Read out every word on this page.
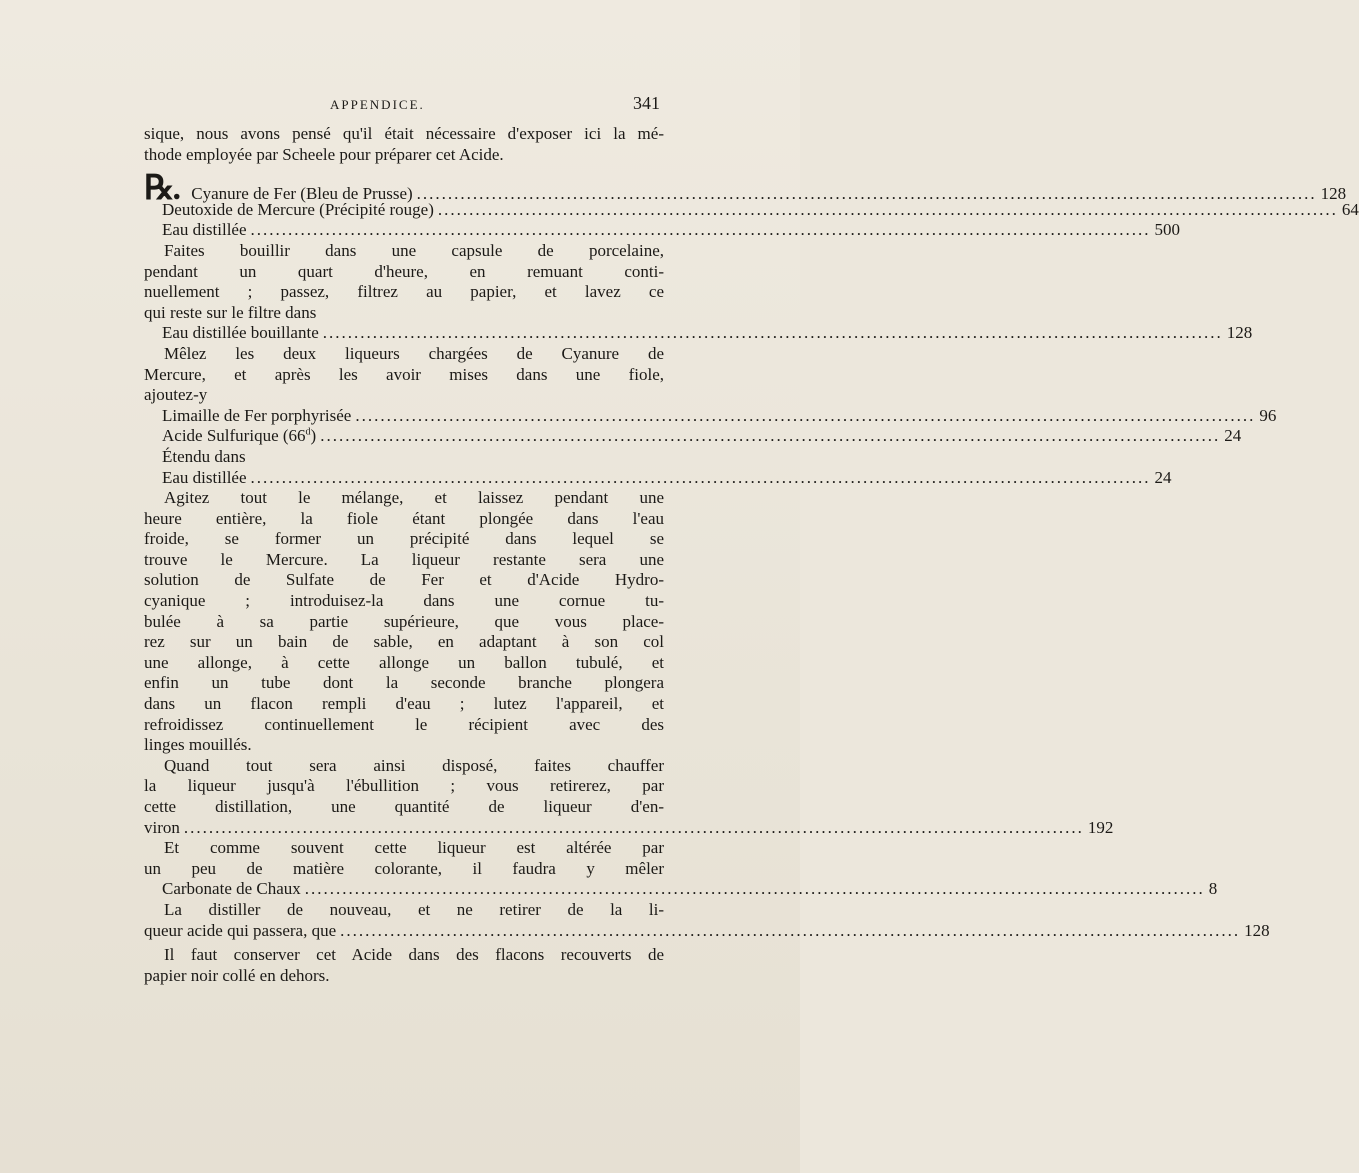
APPENDICE.	341
sique, nous avons pensé qu'il était nécessaire d'exposer ici la mé-
thode employée par Scheele pour préparer cet Acide.
℞. Cyanure de Fer (Bleu de Prusse) ................................................................................................................................................ 128
Deutoxide de Mercure (Précipité rouge) ................................................................................................................................................ 64
Eau distillée ................................................................................................................................................ 500
Faites bouillir dans une capsule de porcelaine,
pendant un quart d'heure, en remuant conti-
nuellement ; passez, filtrez au papier, et lavez ce
qui reste sur le filtre dans
Eau distillée bouillante ................................................................................................................................................ 128
Mêlez les deux liqueurs chargées de Cyanure de
Mercure, et après les avoir mises dans une fiole,
ajoutez-y
Limaille de Fer porphyrisée ................................................................................................................................................ 96
Acide Sulfurique (66$^d$) ................................................................................................................................................ 24
Étendu dans
Eau distillée ................................................................................................................................................ 24
Agitez tout le mélange, et laissez pendant une
heure entière, la fiole étant plongée dans l'eau
froide, se former un précipité dans lequel se
trouve le Mercure. La liqueur restante sera une
solution de Sulfate de Fer et d'Acide Hydro-
cyanique ; introduisez-la dans une cornue tu-
bulée à sa partie supérieure, que vous place-
rez sur un bain de sable, en adaptant à son col
une allonge, à cette allonge un ballon tubulé, et
enfin un tube dont la seconde branche plongera
dans un flacon rempli d'eau ; lutez l'appareil, et
refroidissez continuellement le récipient avec des
linges mouillés.
Quand tout sera ainsi disposé, faites chauffer
la liqueur jusqu'à l'ébullition ; vous retirerez, par
cette distillation, une quantité de liqueur d'en-
viron ................................................................................................................................................ 192
Et comme souvent cette liqueur est altérée par
un peu de matière colorante, il faudra y mêler
Carbonate de Chaux ................................................................................................................................................ 8
La distiller de nouveau, et ne retirer de la li-
queur acide qui passera, que ................................................................................................................................................ 128
Il faut conserver cet Acide dans des flacons recouverts de
papier noir collé en dehors.
